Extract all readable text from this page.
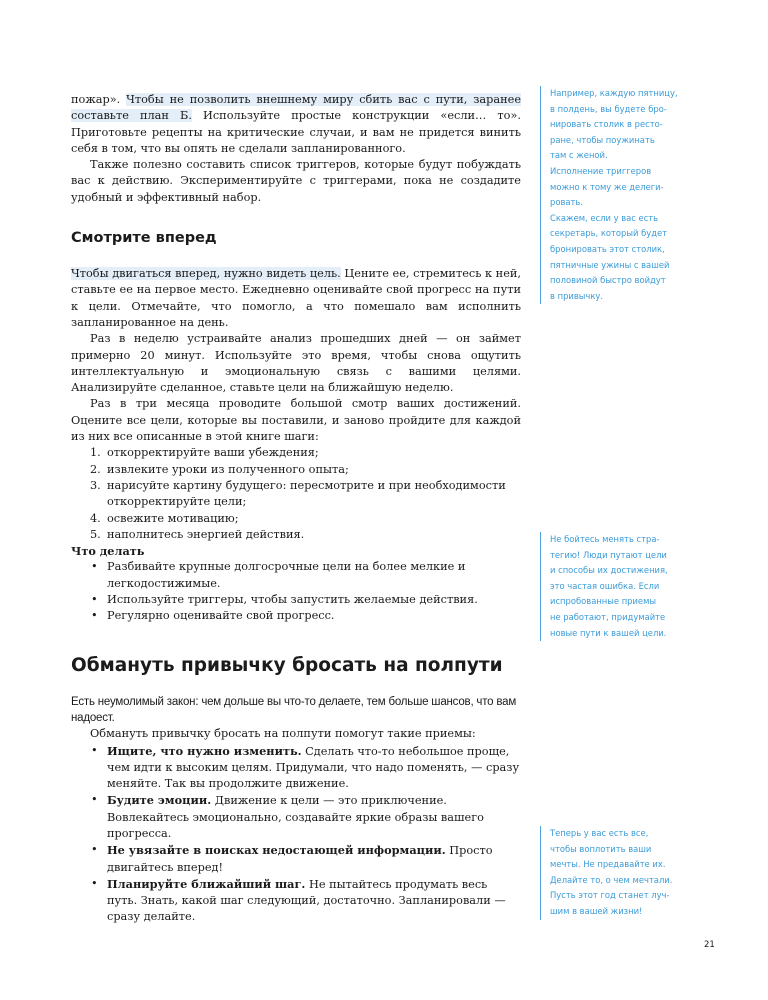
пожар». Чтобы не позволить внешнему миру сбить вас с пути, заранее составьте план Б. Используйте простые конструкции «если… то». Приготовьте рецепты на критические случаи, и вам не придется винить себя в том, что вы опять не сделали запланированного.

Также полезно составить список триггеров, которые будут побуждать вас к действию. Экспериментируйте с триггерами, пока не создадите удобный и эффективный набор.

Смотрите вперед

Чтобы двигаться вперед, нужно видеть цель. Цените ее, стремитесь к ней, ставьте ее на первое место. Ежедневно оценивайте свой прогресс на пути к цели. Отмечайте, что помогло, а что помешало вам исполнить запланированное на день.

Раз в неделю устраивайте анализ прошедших дней — он займет примерно 20 минут. Используйте это время, чтобы снова ощутить интеллектуальную и эмоциональную связь с вашими целями. Анализируйте сделанное, ставьте цели на ближайшую неделю.

Раз в три месяца проводите большой смотр ваших достижений. Оцените все цели, которые вы поставили, и заново пройдите для каждой из них все описанные в этой книге шаги:

1. откорректируйте ваши убеждения;
2. извлеките уроки из полученного опыта;
3. нарисуйте картину будущего: пересмотрите и при необходимости откорректируйте цели;
4. освежите мотивацию;
5. наполнитесь энергией действия.

Что делать

• Разбивайте крупные долгосрочные цели на более мелкие и легкодостижимые.
• Используйте триггеры, чтобы запустить желаемые действия.
• Регулярно оценивайте свой прогресс.
Обмануть привычку бросать на полпути

Есть неумолимый закон: чем дольше вы что-то делаете, тем больше шансов, что вам надоест.

Обмануть привычку бросать на полпути помогут такие приемы:

• Ищите, что нужно изменить. Сделать что-то небольшое проще, чем идти к высоким целям. Придумали, что надо поменять, — сразу меняйте. Так вы продолжите движение.
• Будите эмоции. Движение к цели — это приключение. Вовлекайтесь эмоционально, создавайте яркие образы вашего прогресса.
• Не увязайте в поисках недостающей информации. Просто двигайтесь вперед!
• Планируйте ближайший шаг. Не пытайтесь продумать весь путь. Знать, какой шаг следующий, достаточно. Запланировали — сразу делайте.

Например, каждую пятницу,

в полдень, вы будете бро-

нировать столик в ресто-

ране, чтобы поужинать

там с женой.

Исполнение триггеров

можно к тому же делеги-

ровать.

Скажем, если у вас есть

секретарь, который будет

бронировать этот столик,

пятничные ужины с вашей

половиной быстро войдут

в привычку.

Не бойтесь менять стра-

тегию! Люди путают цели

и способы их достижения,

это частая ошибка. Если

испробованные приемы

не работают, придумайте

новые пути к вашей цели.

Теперь у вас есть все,

чтобы воплотить ваши

мечты. Не предавайте их.

Делайте то, о чем мечтали.

Пусть этот год станет луч-

шим в вашей жизни!

21
